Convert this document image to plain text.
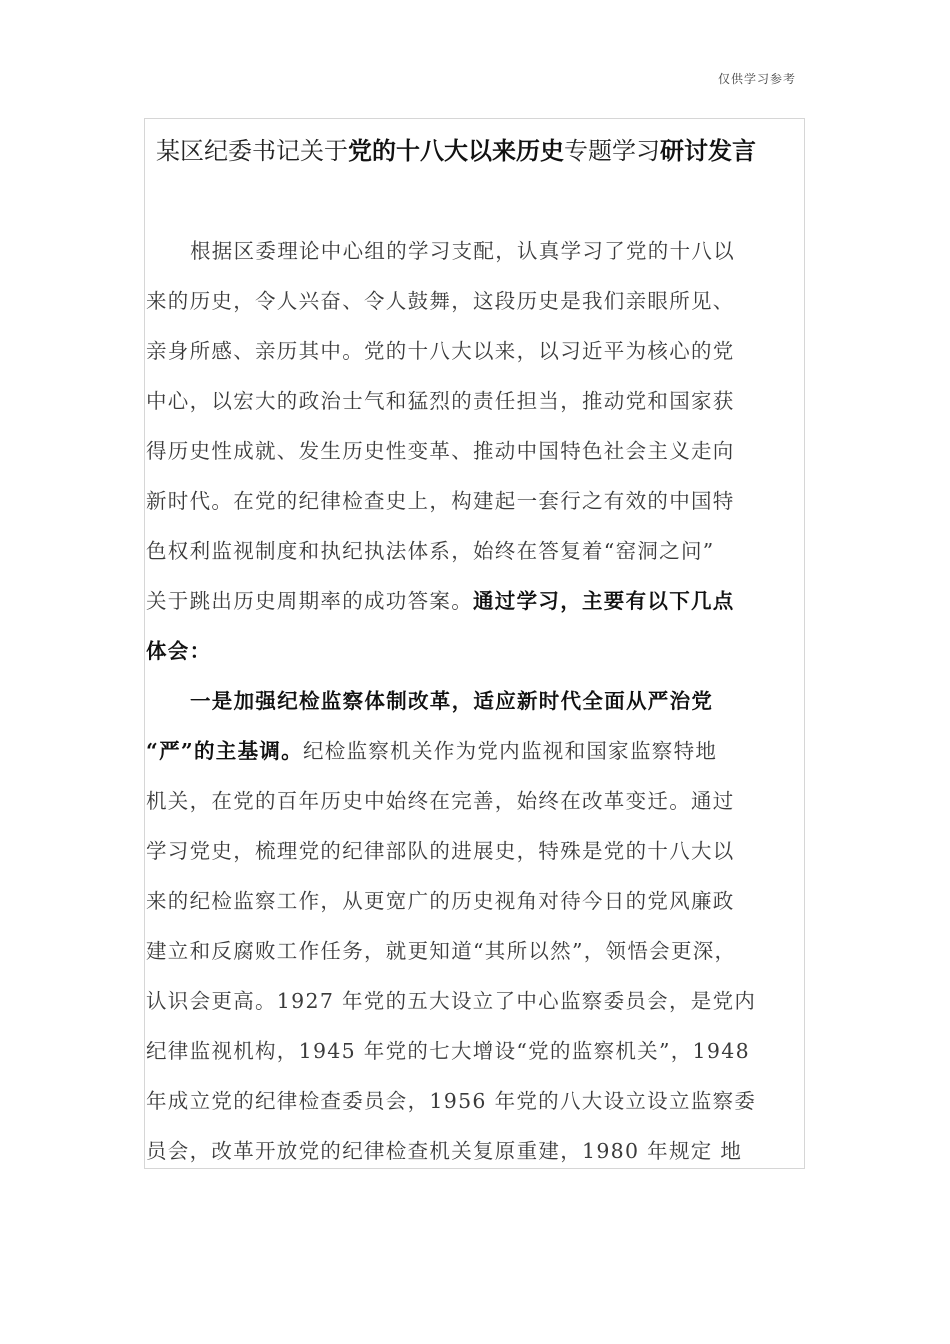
仅供学习参考
某区纪委书记关于党的十八大以来历史专题学习研讨发言
根据区委理论中心组的学习支配，认真学习了党的十八以
来的历史，令人兴奋、令人鼓舞，这段历史是我们亲眼所见、
亲身所感、亲历其中。党的十八大以来，以习近平为核心的党
中心，以宏大的政治士气和猛烈的责任担当，推动党和国家获
得历史性成就、发生历史性变革、推动中国特色社会主义走向
新时代。在党的纪律检查史上，构建起一套行之有效的中国特
色权利监视制度和执纪执法体系，始终在答复着“窑洞之问”
关于跳出历史周期率的成功答案。通过学习，主要有以下几点
体会：
一是加强纪检监察体制改革，适应新时代全面从严治党
“严”的主基调。纪检监察机关作为党内监视和国家监察特地
机关，在党的百年历史中始终在完善，始终在改革变迁。通过
学习党史，梳理党的纪律部队的进展史，特殊是党的十八大以
来的纪检监察工作，从更宽广的历史视角对待今日的党风廉政
建立和反腐败工作任务，就更知道“其所以然”，领悟会更深，
认识会更高。1927 年党的五大设立了中心监察委员会，是党内
纪律监视机构，1945 年党的七大增设“党的监察机关”，1948
年成立党的纪律检查委员会，1956 年党的八大设立设立监察委
员会，改革开放党的纪律检查机关复原重建，1980 年规定 地
